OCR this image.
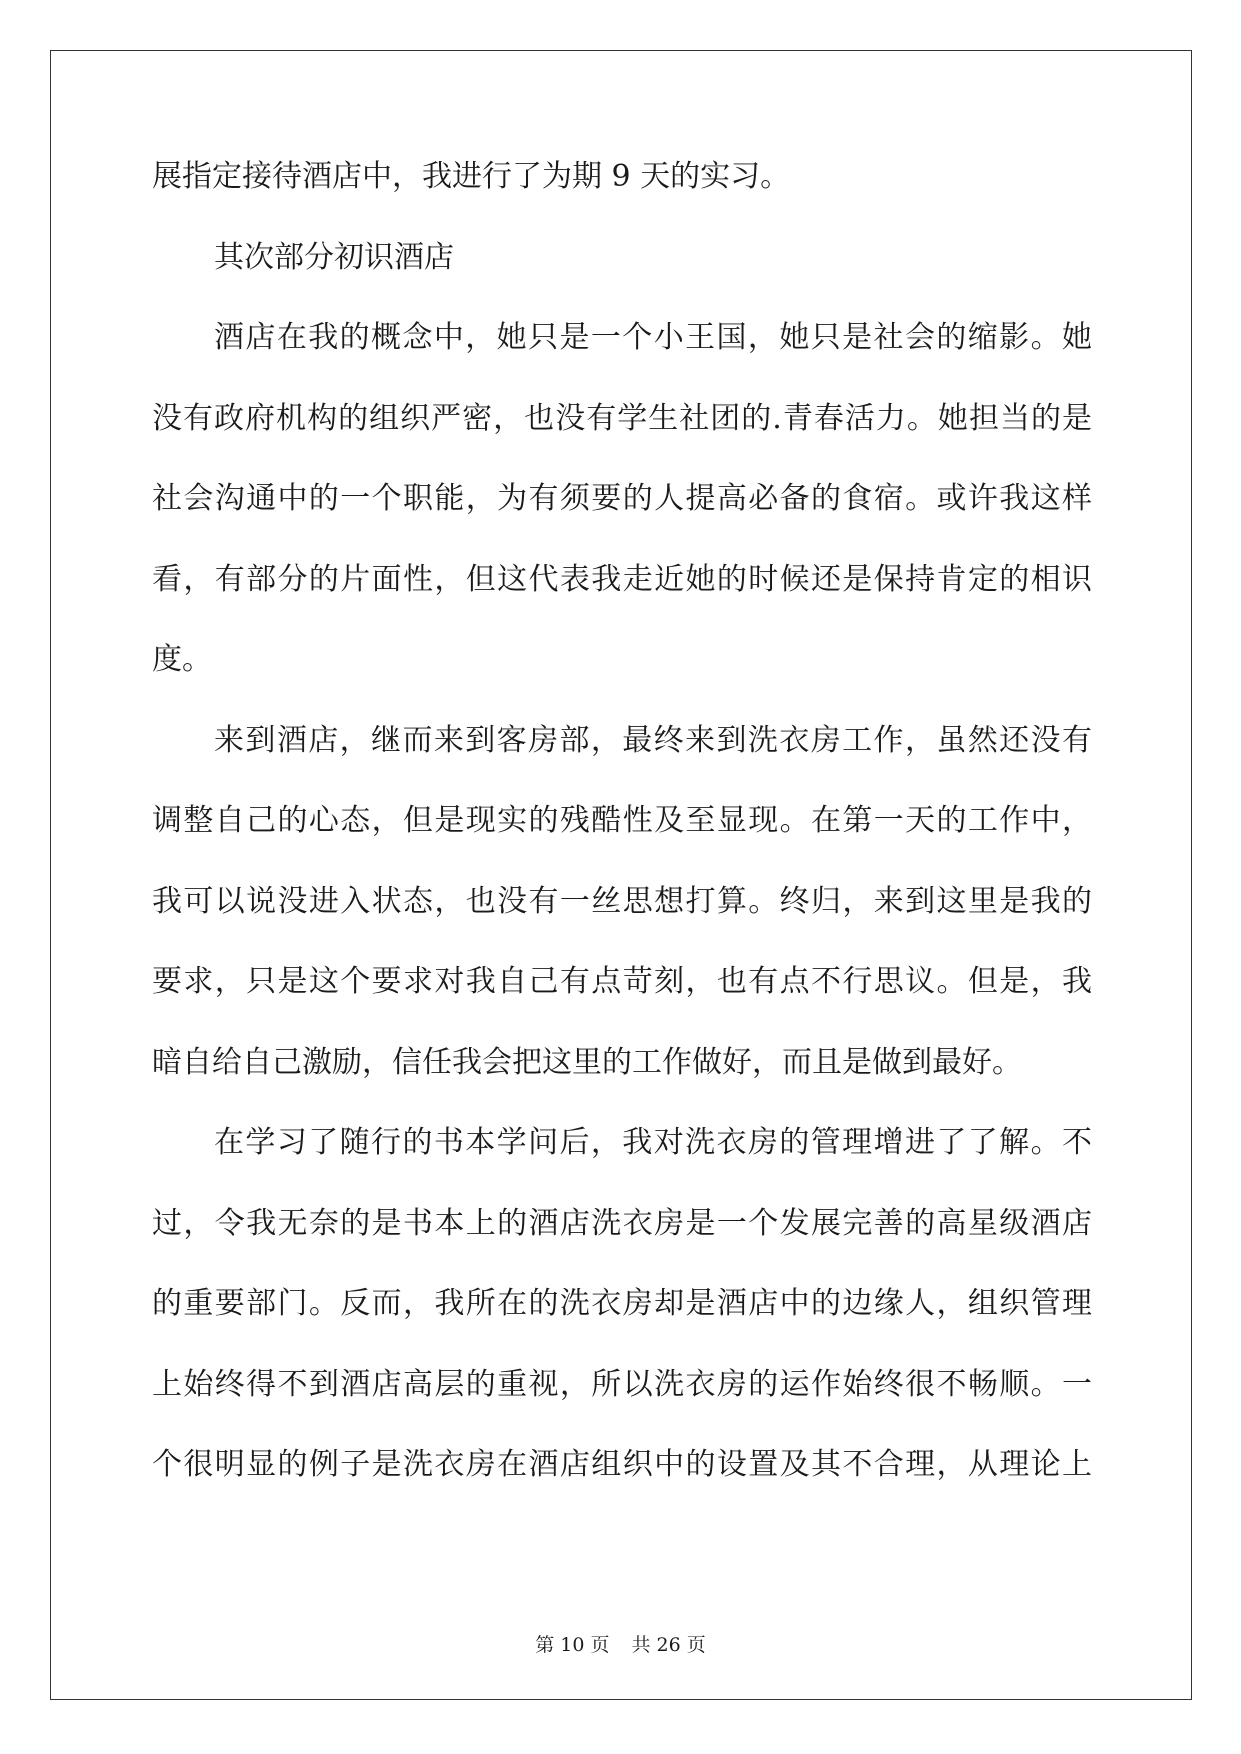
展指定接待酒店中，我进行了为期 9 天的实习。
其次部分初识酒店
酒店在我的概念中，她只是一个小王国，她只是社会的缩影。她
没有政府机构的组织严密，也没有学生社团的.青春活力。她担当的是
社会沟通中的一个职能，为有须要的人提高必备的食宿。或许我这样
看，有部分的片面性，但这代表我走近她的时候还是保持肯定的相识
度。
来到酒店，继而来到客房部，最终来到洗衣房工作，虽然还没有
调整自己的心态，但是现实的残酷性及至显现。在第一天的工作中，
我可以说没进入状态，也没有一丝思想打算。终归，来到这里是我的
要求，只是这个要求对我自己有点苛刻，也有点不行思议。但是，我
暗自给自己激励，信任我会把这里的工作做好，而且是做到最好。
在学习了随行的书本学问后，我对洗衣房的管理增进了了解。不
过，令我无奈的是书本上的酒店洗衣房是一个发展完善的高星级酒店
的重要部门。反而，我所在的洗衣房却是酒店中的边缘人，组织管理
上始终得不到酒店高层的重视，所以洗衣房的运作始终很不畅顺。一
个很明显的例子是洗衣房在酒店组织中的设置及其不合理，从理论上
第 10 页 共 26 页
